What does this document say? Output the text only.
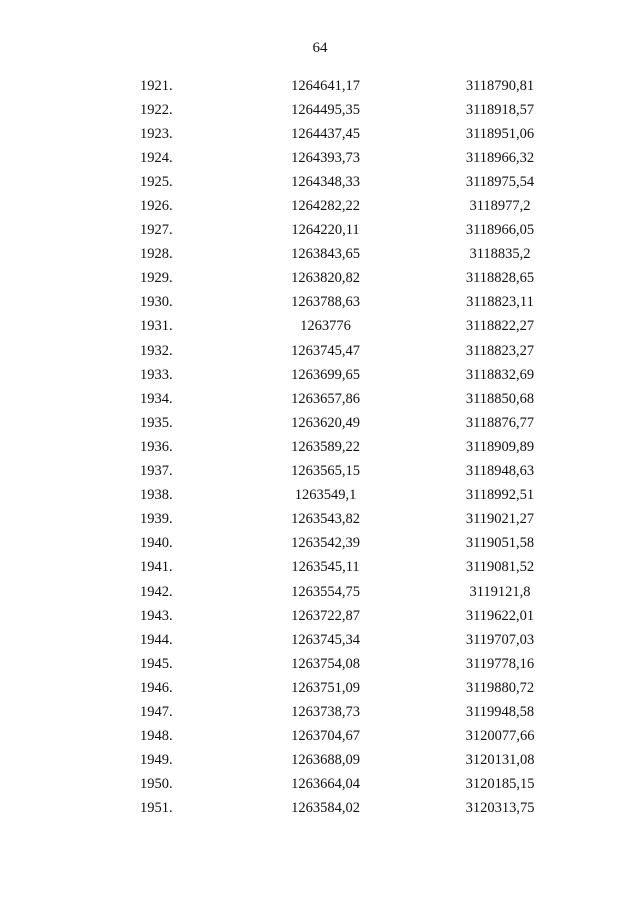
64
	1921.	1264641,17	3118790,81	
	1922.	1264495,35	3118918,57	
	1923.	1264437,45	3118951,06	
	1924.	1264393,73	3118966,32	
	1925.	1264348,33	3118975,54	
	1926.	1264282,22	3118977,2	
	1927.	1264220,11	3118966,05	
	1928.	1263843,65	3118835,2	
	1929.	1263820,82	3118828,65	
	1930.	1263788,63	3118823,11	
	1931.	1263776	3118822,27	
	1932.	1263745,47	3118823,27	
	1933.	1263699,65	3118832,69	
	1934.	1263657,86	3118850,68	
	1935.	1263620,49	3118876,77	
	1936.	1263589,22	3118909,89	
	1937.	1263565,15	3118948,63	
	1938.	1263549,1	3118992,51	
	1939.	1263543,82	3119021,27	
	1940.	1263542,39	3119051,58	
	1941.	1263545,11	3119081,52	
	1942.	1263554,75	3119121,8	
	1943.	1263722,87	3119622,01	
	1944.	1263745,34	3119707,03	
	1945.	1263754,08	3119778,16	
	1946.	1263751,09	3119880,72	
	1947.	1263738,73	3119948,58	
	1948.	1263704,67	3120077,66	
	1949.	1263688,09	3120131,08	
	1950.	1263664,04	3120185,15	
	1951.	1263584,02	3120313,75	
